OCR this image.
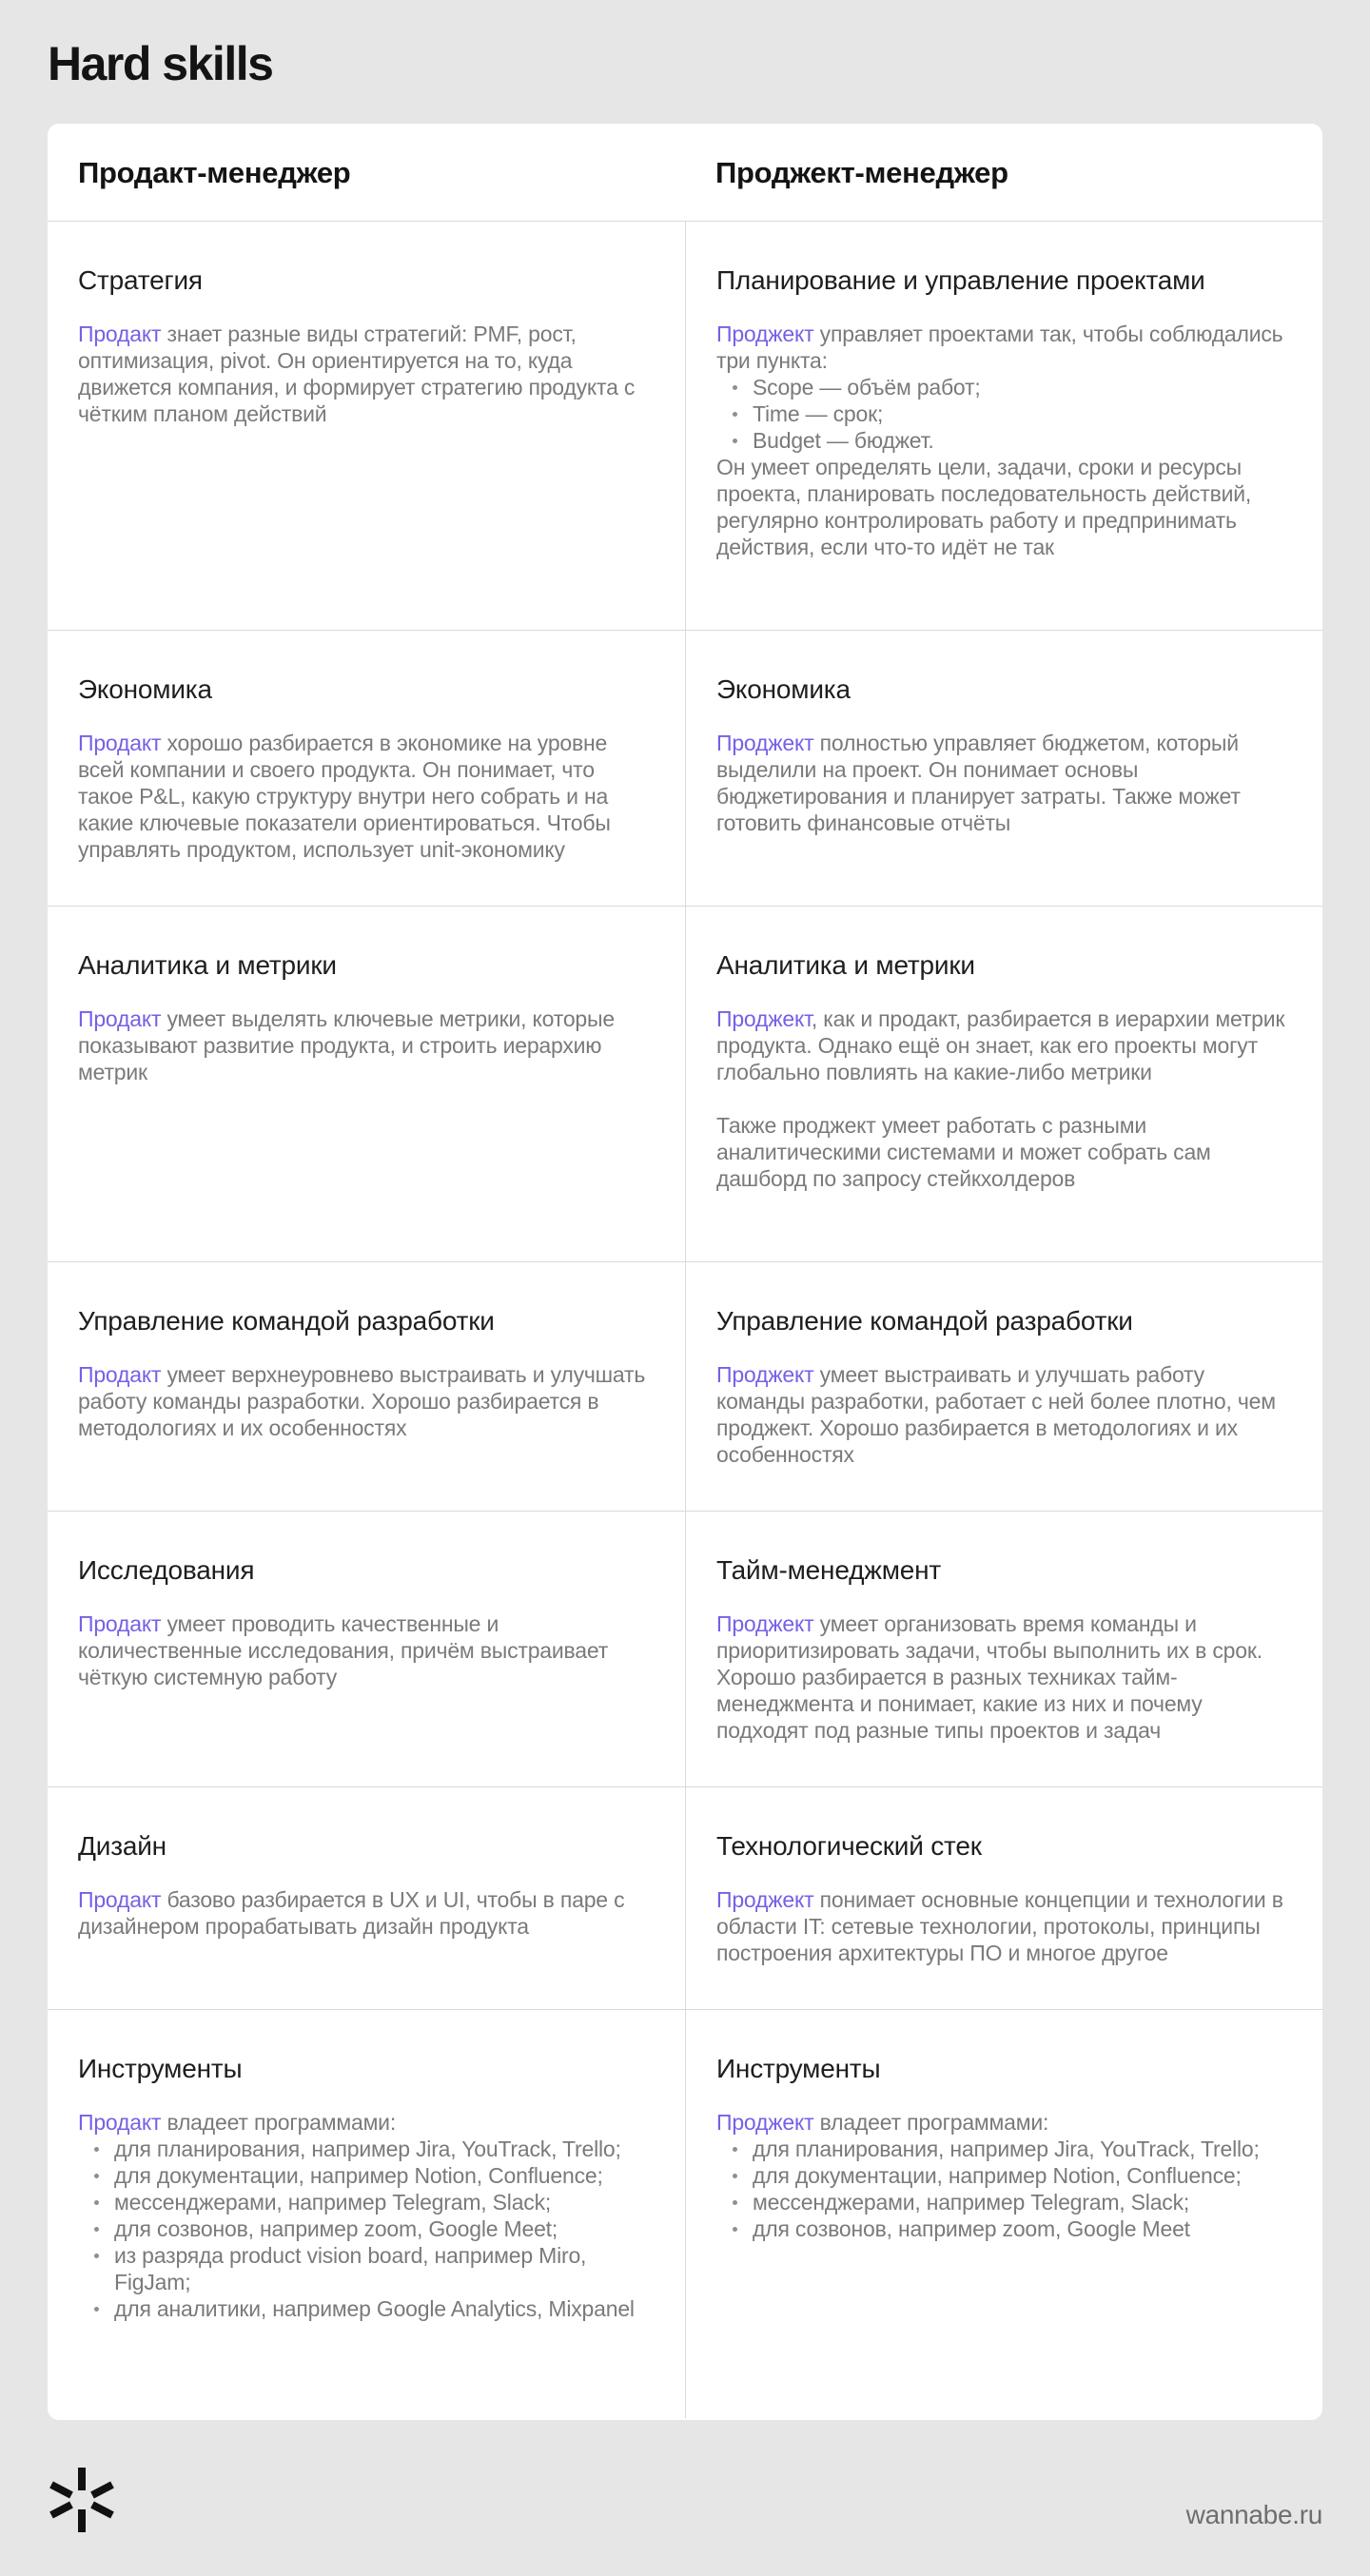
Hard skills
Продакт-менеджер	Проджект-менеджер
Стратегия
Продакт знает разные виды стратегий: PMF, рост, оптимизация, pivot. Он ориентируется на то, куда движется компания, и формирует стратегию продукта с чётким планом действий
Планирование и управление проектами
Проджект управляет проектами так, чтобы соблюдались три пункта:
Scope — объём работ;
Time — срок;
Budget — бюджет.
Он умеет определять цели, задачи, сроки и ресурсы проекта, планировать последовательность действий, регулярно контролировать работу и предпринимать действия, если что-то идёт не так
Экономика
Продакт хорошо разбирается в экономике на уровне всей компании и своего продукта. Он понимает, что такое P&L, какую структуру внутри него собрать и на какие ключевые показатели ориентироваться. Чтобы управлять продуктом, использует unit-экономику
Экономика
Проджект полностью управляет бюджетом, который выделили на проект. Он понимает основы бюджетирования и планирует затраты. Также может готовить финансовые отчёты
Аналитика и метрики
Продакт умеет выделять ключевые метрики, которые показывают развитие продукта, и строить иерархию метрик
Аналитика и метрики
Проджект, как и продакт, разбирается в иерархии метрик продукта. Однако ещё он знает, как его проекты могут глобально повлиять на какие-либо метрики
Также проджект умеет работать с разными аналитическими системами и может собрать сам дашборд по запросу стейкхолдеров
Управление командой разработки
Продакт умеет верхнеуровнево выстраивать и улучшать работу команды разработки. Хорошо разбирается в методологиях и их особенностях
Управление командой разработки
Проджект умеет выстраивать и улучшать работу команды разработки, работает с ней более плотно, чем проджект. Хорошо разбирается в методологиях и их особенностях
Исследования
Продакт умеет проводить качественные и количественные исследования, причём выстраивает чёткую системную работу
Тайм-менеджмент
Проджект умеет организовать время команды и приоритизировать задачи, чтобы выполнить их в срок. Хорошо разбирается в разных техниках тайм-менеджмента и понимает, какие из них и почему подходят под разные типы проектов и задач
Дизайн
Продакт базово разбирается в UX и UI, чтобы в паре с дизайнером прорабатывать дизайн продукта
Технологический стек
Проджект понимает основные концепции и технологии в области IT: сетевые технологии, протоколы, принципы построения архитектуры ПО и многое другое
Инструменты
Продакт владеет программами:
для планирования, например Jira, YouTrack, Trello;
для документации, например Notion, Confluence;
мессенджерами, например Telegram, Slack;
для созвонов, например zoom, Google Meet;
из разряда product vision board, например Miro, FigJam;
для аналитики, например Google Analytics, Mixpanel
Инструменты
Проджект владеет программами:
для планирования, например Jira, YouTrack, Trello;
для документации, например Notion, Confluence;
мессенджерами, например Telegram, Slack;
для созвонов, например zoom, Google Meet
wannabe.ru
